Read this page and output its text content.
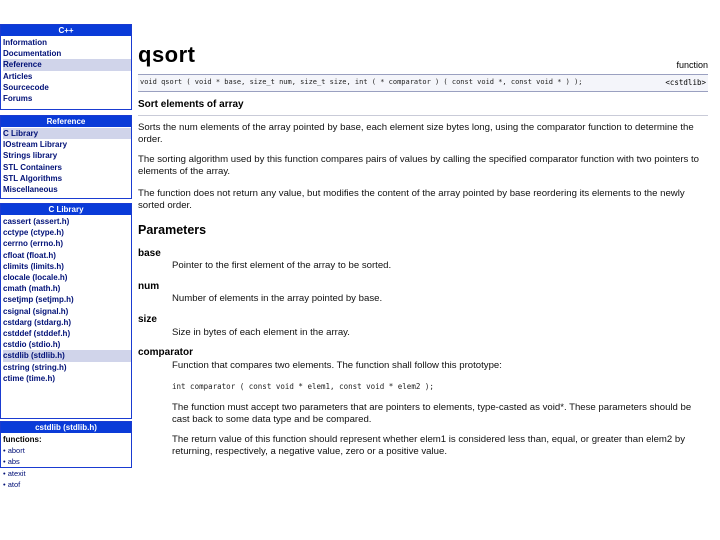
C++
Information
Documentation
Reference
Articles
Sourcecode
Forums
Reference
C Library
IOstream Library
Strings library
STL Containers
STL Algorithms
Miscellaneous
C Library
cassert (assert.h)
cctype (ctype.h)
cerrno (errno.h)
cfloat (float.h)
climits (limits.h)
clocale (locale.h)
cmath (math.h)
csetjmp (setjmp.h)
csignal (signal.h)
cstdarg (stdarg.h)
cstddef (stddef.h)
cstdio (stdio.h)
cstdlib (stdlib.h)
cstring (string.h)
ctime (time.h)
cstdlib (stdlib.h)
functions:
• abort
• abs
• atexit
• atof
qsort	function
void qsort ( void * base, size_t num, size_t size, int ( * comparator ) ( const void *, const void * ) );	<cstdlib>
Sort elements of array
Sorts the num elements of the array pointed by base, each element size bytes long, using the comparator function to determine the order.
The sorting algorithm used by this function compares pairs of values by calling the specified comparator function with two pointers to elements of the array.
The function does not return any value, but modifies the content of the array pointed by base reordering its elements to the newly sorted order.
Parameters
base
Pointer to the first element of the array to be sorted.
num
Number of elements in the array pointed by base.
size
Size in bytes of each element in the array.
comparator
Function that compares two elements. The function shall follow this prototype:
int comparator ( const void * elem1, const void * elem2 );
The function must accept two parameters that are pointers to elements, type-casted as void*. These parameters should be cast back to some data type and be compared.
The return value of this function should represent whether elem1 is considered less than, equal, or greater than elem2 by returning, respectively, a negative value, zero or a positive value.
